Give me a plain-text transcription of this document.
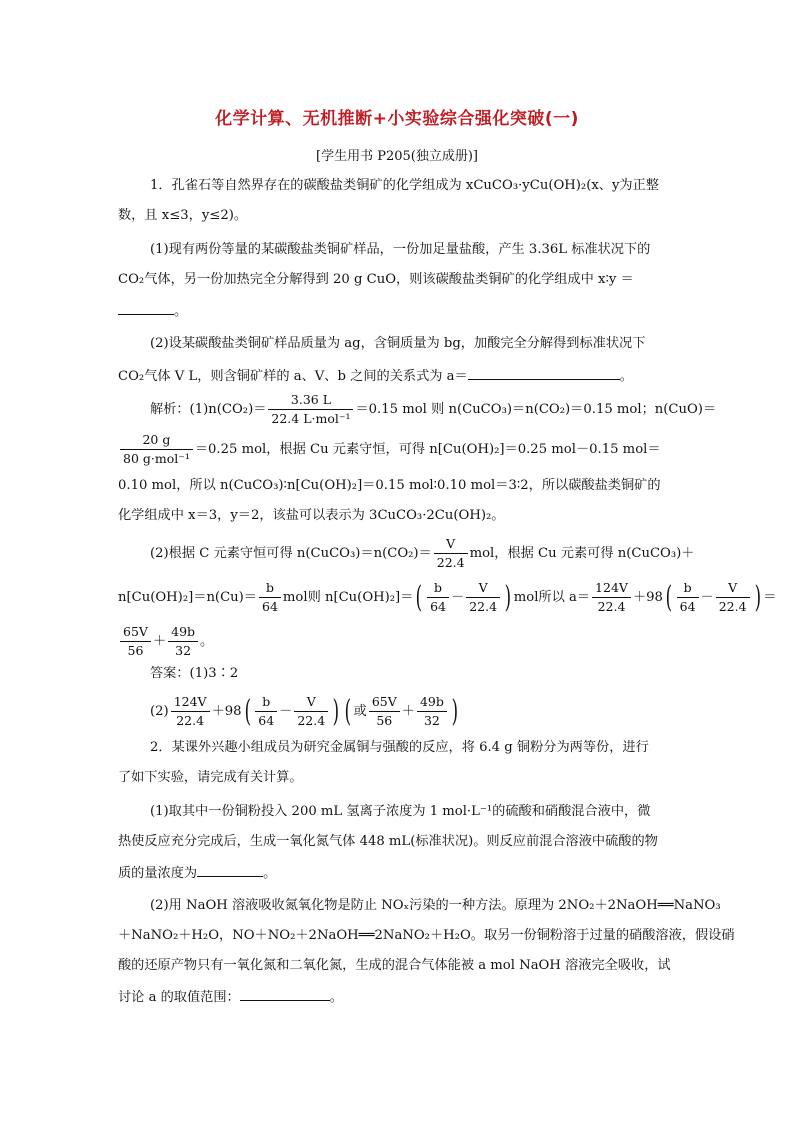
化学计算、无机推断+小实验综合强化突破(一)
[学生用书 P205(独立成册)]
1．孔雀石等自然界存在的碳酸盐类铜矿的化学组成为 xCuCO₃·yCu(OH)₂(x、y为正整
数，且 x≤3，y≤2)。
(1)现有两份等量的某碳酸盐类铜矿样品，一份加足量盐酸，产生 3.36L 标准状况下的
CO₂气体，另一份加热完全分解得到 20 g CuO，则该碳酸盐类铜矿的化学组成中 x∶y ＝
。
(2)设某碳酸盐类铜矿样品质量为 ag，含铜质量为 bg，加酸完全分解得到标准状况下
CO₂气体 V L，则含铜矿样的 a、V、b 之间的关系式为 a＝	。
解析：$(1)n(CO_2)= \frac{3.36 L}{\text{22.4 L·mol⁻¹}} =0.15$ mol 则 n(CuCO₃)＝n(CO₂)＝0.15 mol；n(CuO)＝
$\frac{20 g}{\text{80 g·mol⁻¹}} =0.25$ mol，根据 Cu 元素守恒，可得 n[Cu(OH)₂]＝0.25 mol－0.15 mol＝
0.10 mol，所以 n(CuCO₃)∶n[Cu(OH)₂]＝0.15 mol∶0.10 mol＝3∶2，所以碳酸盐类铜矿的
化学组成中 x＝3，y＝2，该盐可以表示为 3CuCO₃·2Cu(OH)₂。
(2)根据 C 元素守恒可得 n(CuCO₃)＝n(CO₂)＝ $\frac{V}{22.4}$ mol，根据 Cu 元素可得 n(CuCO₃)＋
$n[Cu(OH)_2]=n(Cu)= \frac{b}{64}$ mol则 $n[Cu(OH)_2]=( \frac{b}{64} - \frac{V}{22.4}$ ) mol所以 $a= \frac{124V}{22.4} +98( \frac{b}{64} - \frac{V}{22.4}$ ) ＝
$\frac{65V}{56} + \frac{49b}{32}$ 。
答案：(1)3∶2
$(2) \frac{124V}{22.4} +98( \frac{b}{64} - \frac{V}{22.4}$ ) ( 或 $\frac{65V}{56} + \frac{49b}{32}$ )
2．某课外兴趣小组成员为研究金属铜与强酸的反应，将 6.4 g 铜粉分为两等份，进行
了如下实验，请完成有关计算。
(1)取其中一份铜粉投入 200 mL 氢离子浓度为 1 mol·L⁻¹的硫酸和硝酸混合液中，微
热使反应充分完成后，生成一氧化氮气体 448 mL(标准状况)。则反应前混合溶液中硫酸的物
质的量浓度为	。
(2)用 NaOH 溶液吸收氮氧化物是防止 NOₓ污染的一种方法。原理为 2NO₂＋2NaOH══NaNO₃
＋NaNO₂＋H₂O，NO＋NO₂＋2NaOH══2NaNO₂＋H₂O。取另一份铜粉溶于过量的硝酸溶液，假设硝
酸的还原产物只有一氧化氮和二氧化氮，生成的混合气体能被 a mol NaOH 溶液完全吸收，试
讨论 a 的取值范围：	。
